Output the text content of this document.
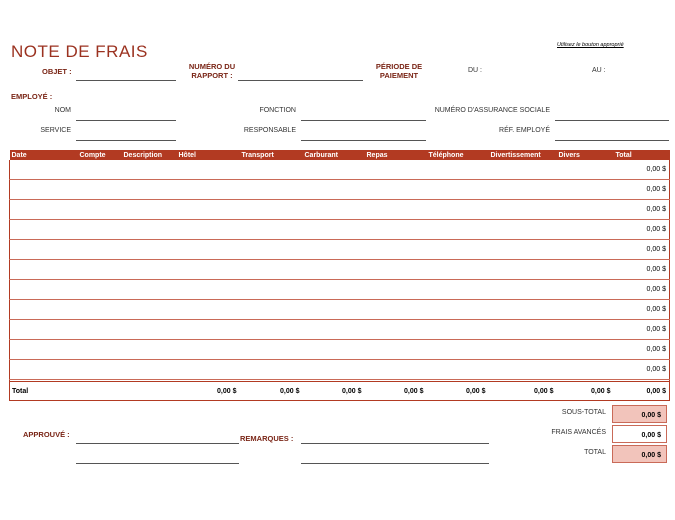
NOTE DE FRAIS	Utilisez le bouton approprié
OBJET :
NUMÉRO DU RAPPORT :
PÉRIODE DE PAIEMENT
DU :	AU :
EMPLOYÉ :
NOM	FONCTION	NUMÉRO D'ASSURANCE SOCIALE
SERVICE	RESPONSABLE	RÉF. EMPLOYÉ
Date	Compte	Description	Hôtel	Transport	Carburant	Repas	Téléphone	Divertissement	Divers	Total
										0,00 $
										0,00 $
										0,00 $
										0,00 $
										0,00 $
										0,00 $
										0,00 $
										0,00 $
										0,00 $
										0,00 $
										0,00 $

Total			0,00 $	0,00 $	0,00 $	0,00 $	0,00 $	0,00 $	0,00 $	0,00 $
SOUS-TOTAL	0,00 $
FRAIS AVANCÉS	0,00 $
TOTAL	0,00 $
APPROUVÉ :	REMARQUES :
